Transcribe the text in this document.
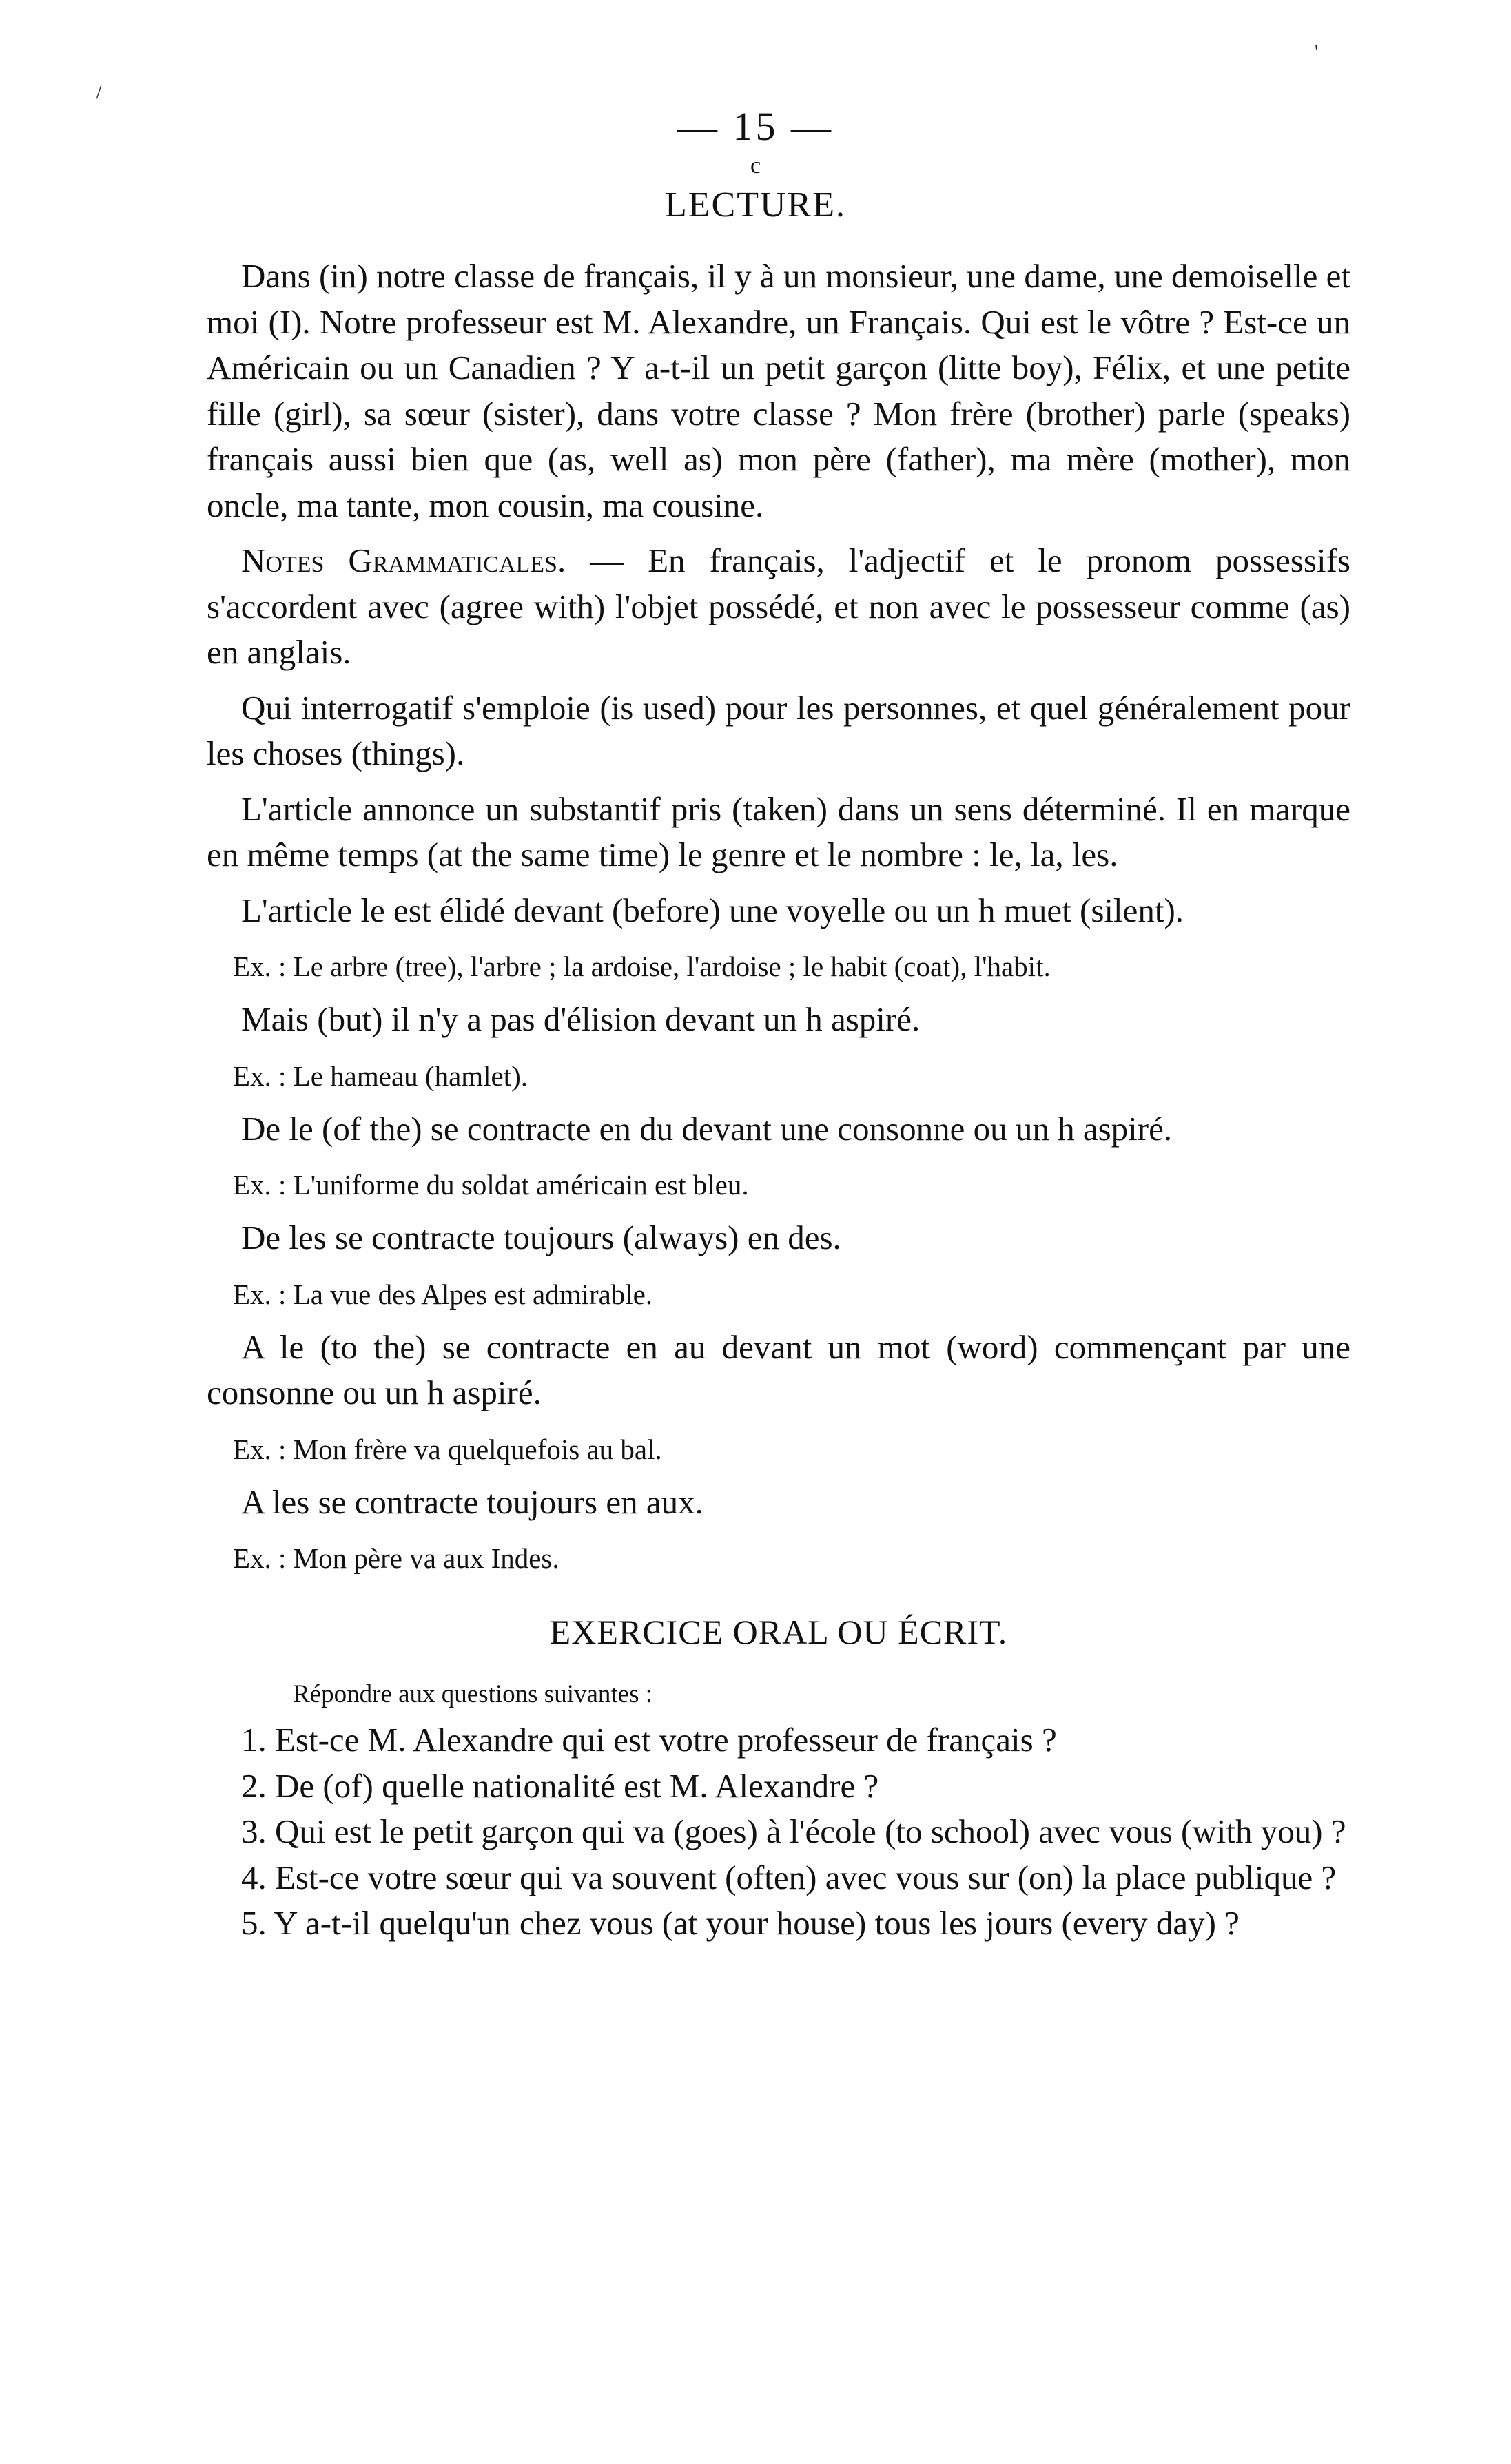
'
/
— 15 —
c
LECTURE.

Dans (in) notre classe de français, il y à un monsieur, une dame, une demoiselle et moi (I). Notre professeur est M. Alexandre, un Français. Qui est le vôtre ? Est-ce un Américain ou un Canadien ? Y a-t-il un petit garçon (litte boy), Félix, et une petite fille (girl), sa sœur (sister), dans votre classe ? Mon frère (brother) parle (speaks) français aussi bien que (as, well as) mon père (father), ma mère (mother), mon oncle, ma tante, mon cousin, ma cousine.

Notes Grammaticales. — En français, l'adjectif et le pronom possessifs s'accordent avec (agree with) l'objet possédé, et non avec le possesseur comme (as) en anglais.

Qui interrogatif s'emploie (is used) pour les personnes, et quel généralement pour les choses (things).

L'article annonce un substantif pris (taken) dans un sens déterminé. Il en marque en même temps (at the same time) le genre et le nombre : le, la, les.

L'article le est élidé devant (before) une voyelle ou un h muet (silent).

Ex. : Le arbre (tree), l'arbre ; la ardoise, l'ardoise ; le habit (coat), l'habit.

Mais (but) il n'y a pas d'élision devant un h aspiré.

Ex. : Le hameau (hamlet).

De le (of the) se contracte en du devant une consonne ou un h aspiré.

Ex. : L'uniforme du soldat américain est bleu.

De les se contracte toujours (always) en des.

Ex. : La vue des Alpes est admirable.

A le (to the) se contracte en au devant un mot (word) commençant par une consonne ou un h aspiré.

Ex. : Mon frère va quelquefois au bal.

A les se contracte toujours en aux.

Ex. : Mon père va aux Indes.

EXERCICE ORAL OU ÉCRIT.
Répondre aux questions suivantes :

1. Est-ce M. Alexandre qui est votre professeur de français ?

2. De (of) quelle nationalité est M. Alexandre ?

3. Qui est le petit garçon qui va (goes) à l'école (to school) avec vous (with you) ?

4. Est-ce votre sœur qui va souvent (often) avec vous sur (on) la place publique ?

5. Y a-t-il quelqu'un chez vous (at your house) tous les jours (every day) ?
